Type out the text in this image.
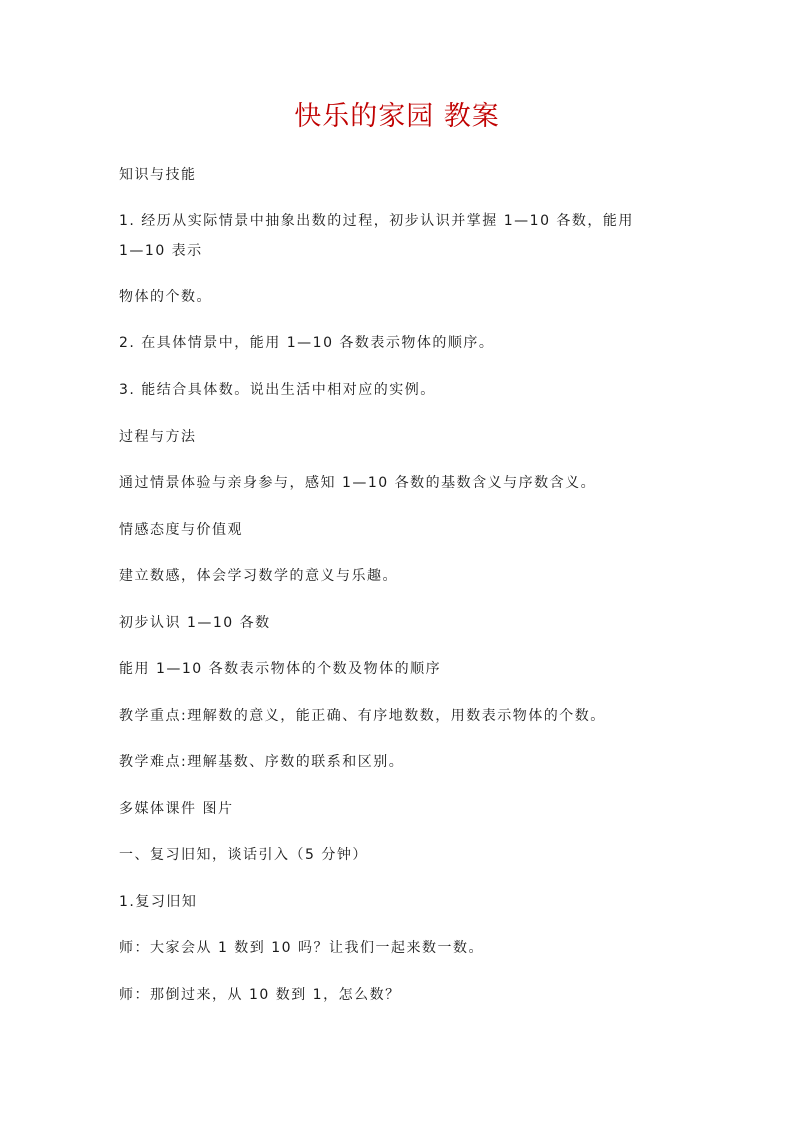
快乐的家园 教案
知识与技能
1. 经历从实际情景中抽象出数的过程，初步认识并掌握 1—10 各数，能用
1—10 表示
物体的个数。
2. 在具体情景中，能用 1—10 各数表示物体的顺序。
3. 能结合具体数。说出生活中相对应的实例。
过程与方法
通过情景体验与亲身参与，感知 1—10 各数的基数含义与序数含义。
情感态度与价值观
建立数感，体会学习数学的意义与乐趣。
初步认识 1—10 各数
能用 1—10 各数表示物体的个数及物体的顺序
教学重点:理解数的意义，能正确、有序地数数，用数表示物体的个数。
教学难点:理解基数、序数的联系和区别。
多媒体课件 图片
一、复习旧知，谈话引入（5 分钟）
1.复习旧知
师：大家会从 1 数到 10 吗？让我们一起来数一数。
师：那倒过来，从 10 数到 1，怎么数？
